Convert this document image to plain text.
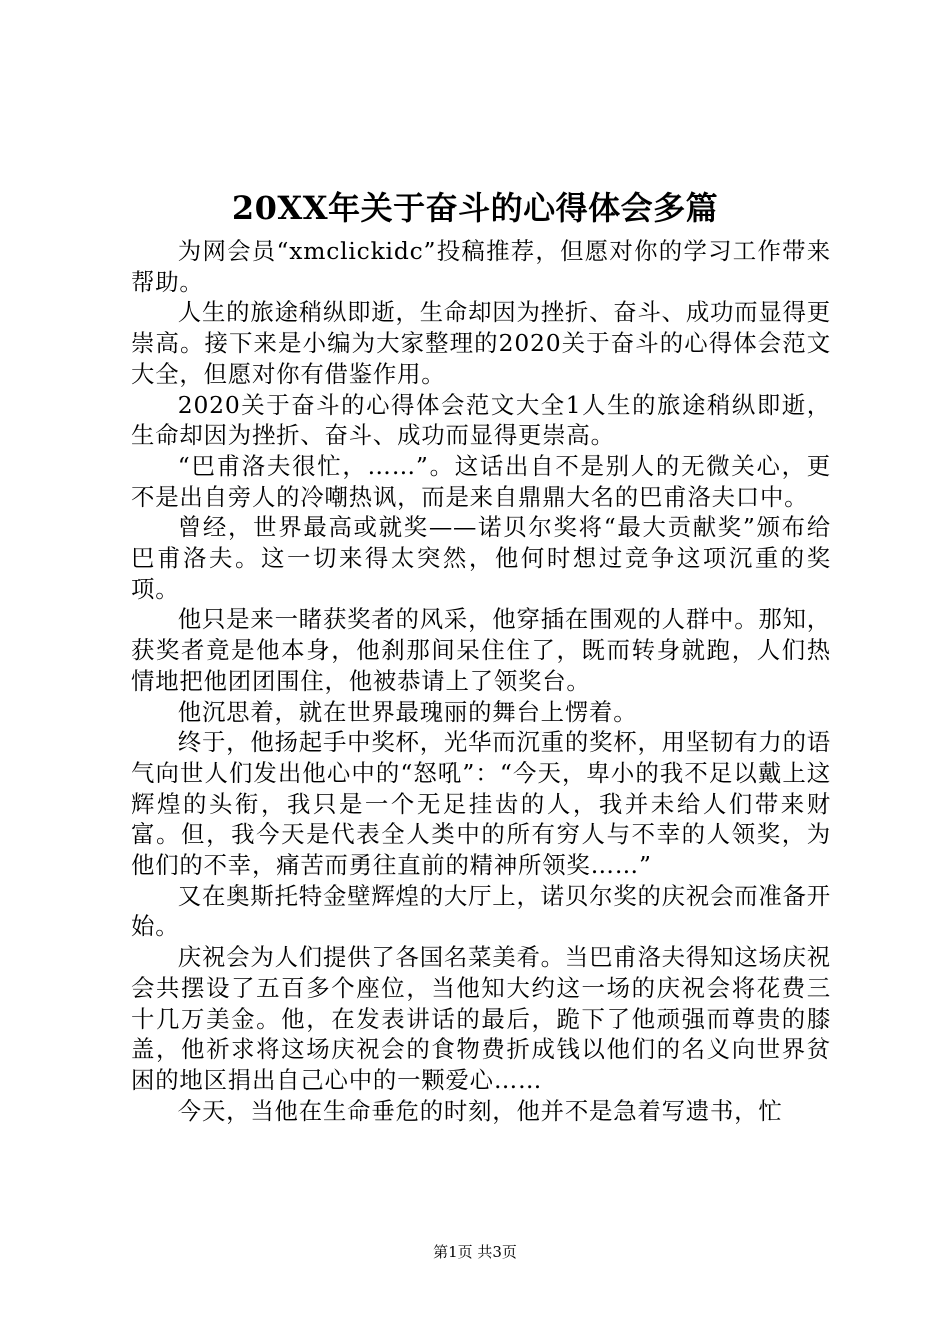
20XX年关于奋斗的心得体会多篇

为网会员“xmclickidc”投稿推荐，但愿对你的学习工作带来帮助。

人生的旅途稍纵即逝，生命却因为挫折、奋斗、成功而显得更崇高。接下来是小编为大家整理的2020关于奋斗的心得体会范文大全，但愿对你有借鉴作用。

2020关于奋斗的心得体会范文大全1人生的旅途稍纵即逝，生命却因为挫折、奋斗、成功而显得更崇高。

“巴甫洛夫很忙，……”。这话出自不是别人的无微关心，更不是出自旁人的冷嘲热讽，而是来自鼎鼎大名的巴甫洛夫口中。

曾经，世界最高或就奖——诺贝尔奖将“最大贡献奖”颁布给巴甫洛夫。这一切来得太突然，他何时想过竞争这项沉重的奖项。

他只是来一睹获奖者的风采，他穿插在围观的人群中。那知，获奖者竟是他本身，他刹那间呆住住了，既而转身就跑，人们热情地把他团团围住，他被恭请上了领奖台。

他沉思着，就在世界最瑰丽的舞台上愣着。

终于，他扬起手中奖杯，光华而沉重的奖杯，用坚韧有力的语气向世人们发出他心中的“怒吼”：“今天，卑小的我不足以戴上这辉煌的头衔，我只是一个无足挂齿的人，我并未给人们带来财富。但，我今天是代表全人类中的所有穷人与不幸的人领奖，为他们的不幸，痛苦而勇往直前的精神所领奖……”

又在奥斯托特金壁辉煌的大厅上，诺贝尔奖的庆祝会而准备开始。

庆祝会为人们提供了各国名菜美肴。当巴甫洛夫得知这场庆祝会共摆设了五百多个座位，当他知大约这一场的庆祝会将花费三十几万美金。他，在发表讲话的最后，跪下了他顽强而尊贵的膝盖，他祈求将这场庆祝会的食物费折成钱以他们的名义向世界贫困的地区捐出自己心中的一颗爱心……

今天，当他在生命垂危的时刻，他并不是急着写遗书，忙

第1页 共3页
